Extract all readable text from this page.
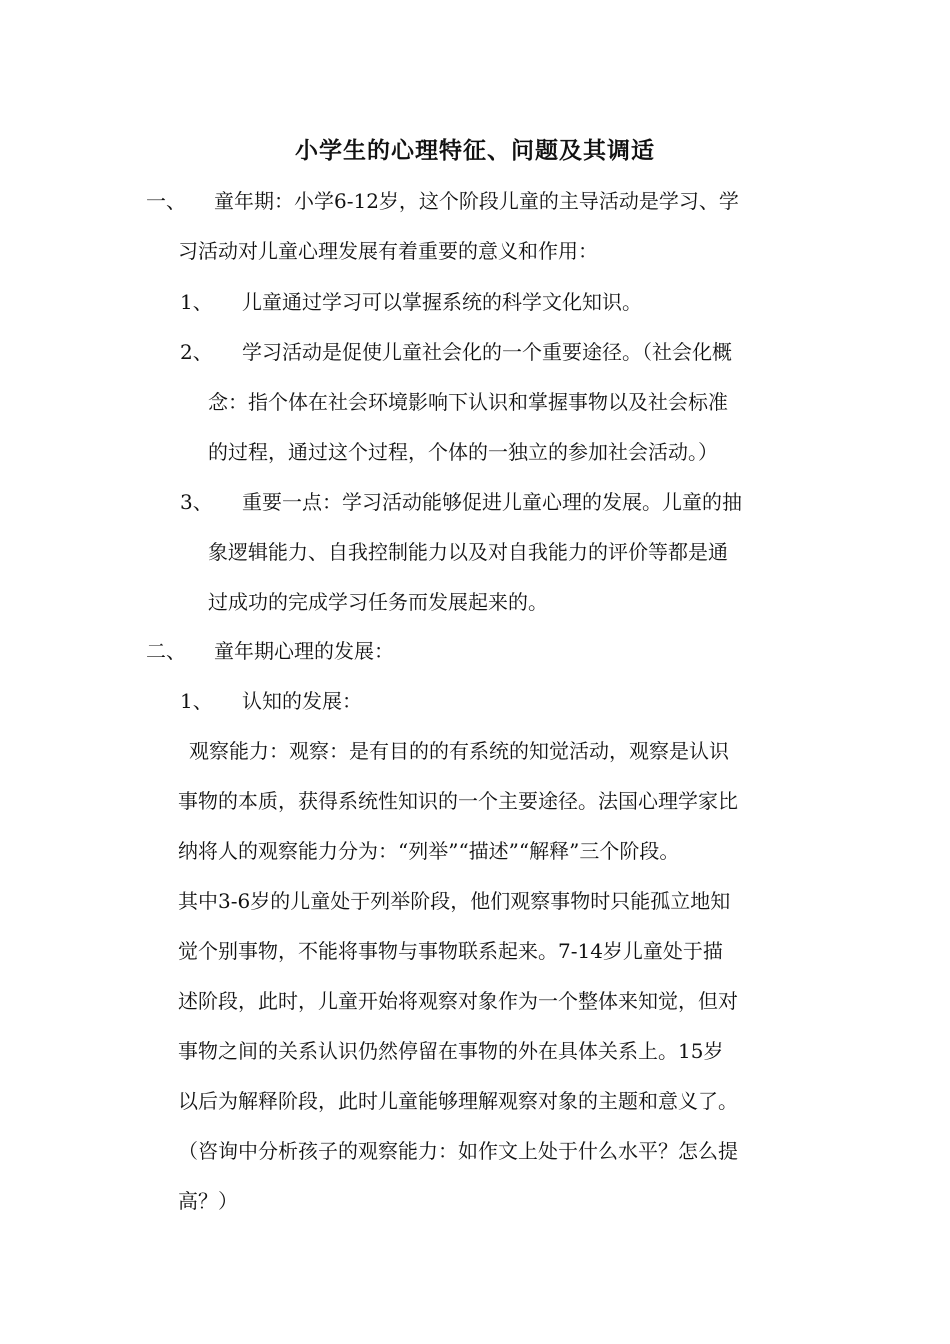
小学生的心理特征、问题及其调适
一、 童年期：小学6-12岁，这个阶段儿童的主导活动是学习、学
习活动对儿童心理发展有着重要的意义和作用：
1、 儿童通过学习可以掌握系统的科学文化知识。
2、 学习活动是促使儿童社会化的一个重要途径。（社会化概
念：指个体在社会环境影响下认识和掌握事物以及社会标准
的过程，通过这个过程，个体的一独立的参加社会活动。）
3、 重要一点：学习活动能够促进儿童心理的发展。儿童的抽
象逻辑能力、自我控制能力以及对自我能力的评价等都是通
过成功的完成学习任务而发展起来的。
二、 童年期心理的发展：
1、 认知的发展：
观察能力：观察：是有目的的有系统的知觉活动，观察是认识
事物的本质，获得系统性知识的一个主要途径。法国心理学家比
纳将人的观察能力分为：“列举”“描述”“解释”三个阶段。
其中3-6岁的儿童处于列举阶段，他们观察事物时只能孤立地知
觉个别事物，不能将事物与事物联系起来。7-14岁儿童处于描
述阶段，此时，儿童开始将观察对象作为一个整体来知觉，但对
事物之间的关系认识仍然停留在事物的外在具体关系上。15岁
以后为解释阶段，此时儿童能够理解观察对象的主题和意义了。
（咨询中分析孩子的观察能力：如作文上处于什么水平？怎么提
高？）
